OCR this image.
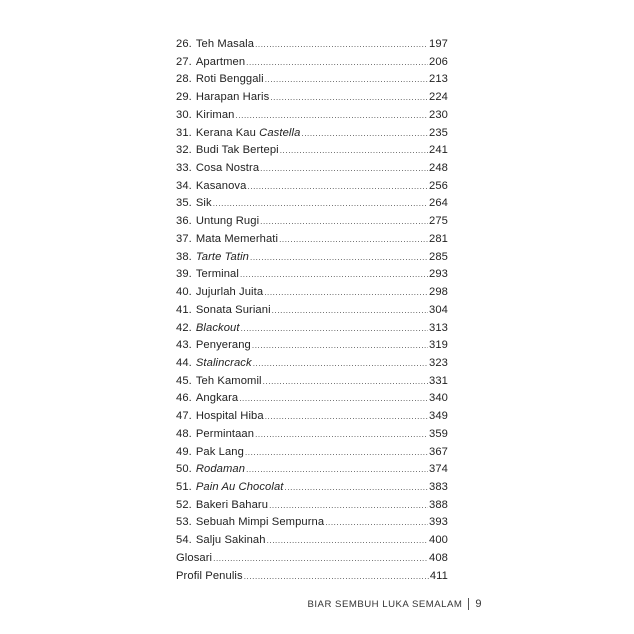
26. Teh Masala .....	197
27. Apartmen .....	206
28. Roti Benggali .....	213
29. Harapan Haris .....	224
30. Kiriman .....	230
31. Kerana Kau Castella .....	235
32. Budi Tak Bertepi .....	241
33. Cosa Nostra .....	248
34. Kasanova .....	256
35. Sik .....	264
36. Untung Rugi .....	275
37. Mata Memerhati .....	281
38. Tarte Tatin .....	285
39. Terminal .....	293
40. Jujurlah Juita .....	298
41. Sonata Suriani .....	304
42. Blackout .....	313
43. Penyerang .....	319
44. Stalincrack .....	323
45. Teh Kamomil .....	331
46. Angkara .....	340
47. Hospital Hiba .....	349
48. Permintaan .....	359
49. Pak Lang .....	367
50. Rodaman .....	374
51. Pain Au Chocolat .....	383
52. Bakeri Baharu .....	388
53. Sebuah Mimpi Sempurna .....	393
54. Salju Sakinah .....	400
Glosari .....	408
Profil Penulis .....	411
BIAR SEMBUH LUKA SEMALAM 9
